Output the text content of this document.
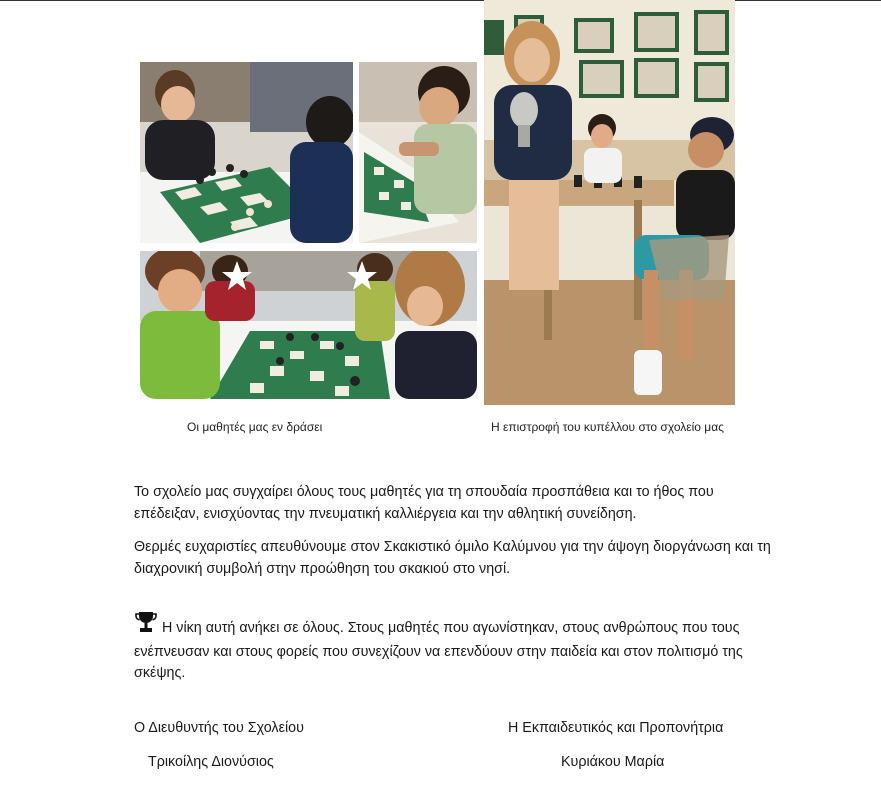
Οι μαθητές μας εν δράσει	Η επιστροφή του κυπέλλου στο σχολείο μας

Το σχολείο μας συγχαίρει όλους τους μαθητές για τη σπουδαία προσπάθεια και το ήθος που επέδειξαν, ενισχύοντας την πνευματική καλλιέργεια και την αθλητική συνείδηση.

Θερμές ευχαριστίες απευθύνουμε στον Σκακιστικό όμιλο Καλύμνου για την άψογη διοργάνωση και τη διαχρονική συμβολή στην προώθηση του σκακιού στο νησί.

Η νίκη αυτή ανήκει σε όλους. Στους μαθητές που αγωνίστηκαν, στους ανθρώπους που τους ενέπνευσαν και στους φορείς που συνεχίζουν να επενδύουν στην παιδεία και στον πολιτισμό της σκέψης.

Ο Διευθυντής του Σχολείου
Τρικοίλης Διονύσιος
Η Εκπαιδευτικός και Προπονήτρια
Κυριάκου Μαρία
